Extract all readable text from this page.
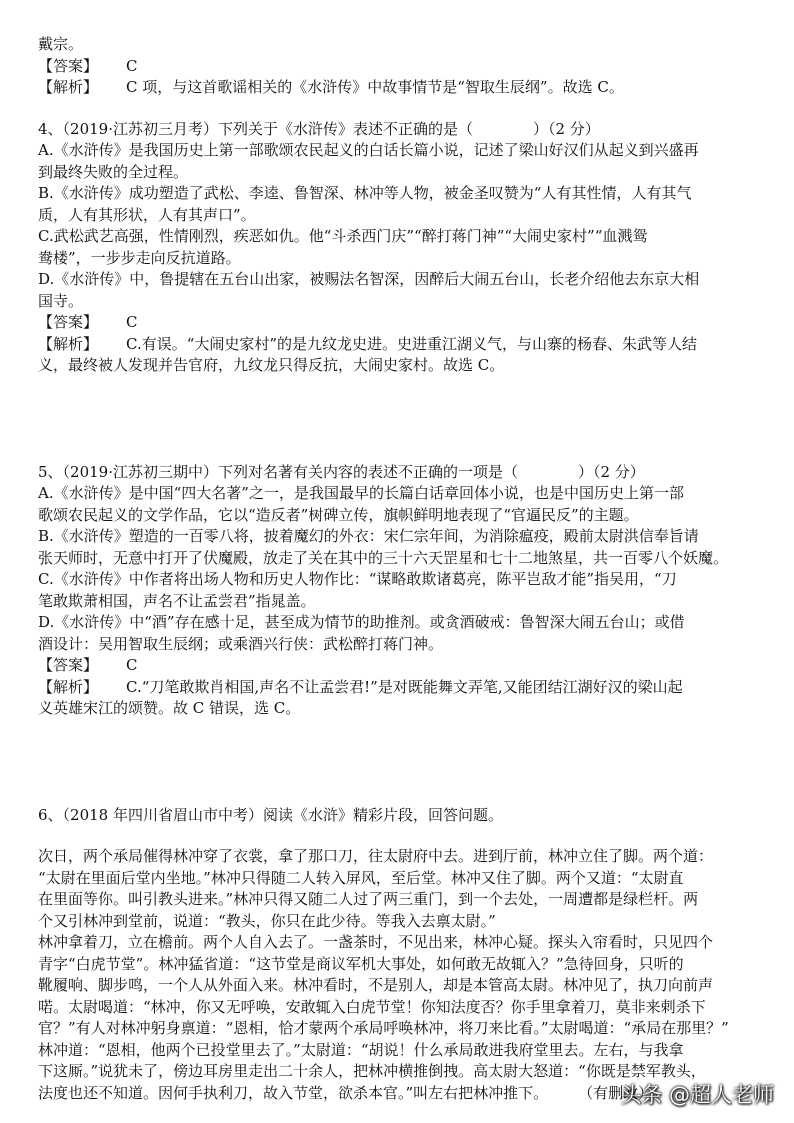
戴宗。

【答案】 C

【解析】 C 项，与这首歌谣相关的《水浒传》中故事情节是“智取生辰纲”。故选 C。

4、（2019·江苏初三月考）下列关于《水浒传》表述不正确的是（　　　　）（2 分）

A.《水浒传》是我国历史上第一部歌颂农民起义的白话长篇小说，记述了梁山好汉们从起义到兴盛再

到最终失败的全过程。

B.《水浒传》成功塑造了武松、李逵、鲁智深、林冲等人物，被金圣叹赞为“人有其性情，人有其气

质，人有其形状，人有其声口”。

C.武松武艺高强，性情刚烈，疾恶如仇。他“斗杀西门庆”“醉打蒋门神”“大闹史家村”“血溅鸳

鸯楼”，一步步走向反抗道路。

D.《水浒传》中，鲁提辖在五台山出家，被赐法名智深，因醉后大闹五台山，长老介绍他去东京大相

国寺。

【答案】 C

【解析】 C.有误。“大闹史家村”的是九纹龙史进。史进重江湖义气，与山寨的杨春、朱武等人结

义，最终被人发现并告官府，九纹龙只得反抗，大闹史家村。故选 C。

5、（2019·江苏初三期中）下列对名著有关内容的表述不正确的一项是（　　　　）（2 分）

A.《水浒传》是中国“四大名著”之一，是我国最早的长篇白话章回体小说，也是中国历史上第一部

歌颂农民起义的文学作品，它以“造反者”树碑立传，旗帜鲜明地表现了“官逼民反”的主题。

B.《水浒传》塑造的一百零八将，披着魔幻的外衣：宋仁宗年间，为消除瘟疫，殿前太尉洪信奉旨请

张天师时，无意中打开了伏魔殿，放走了关在其中的三十六天罡星和七十二地煞星，共一百零八个妖魔。

C.《水浒传》中作者将出场人物和历史人物作比：“谋略敢欺诸葛亮，陈平岂敌才能”指吴用，“刀

笔敢欺萧相国，声名不让孟尝君”指晁盖。

D.《水浒传》中“酒”存在感十足，甚至成为情节的助推剂。或贪酒破戒：鲁智深大闹五台山；或借

酒设计：吴用智取生辰纲；或乘酒兴行侠：武松醉打蒋门神。

【答案】 C

【解析】 C.“刀笔敢欺肖相国,声名不让孟尝君!”是对既能舞文弄笔,又能团结江湖好汉的梁山起

义英雄宋江的颂赞。故 C 错误，选 C。

6、（2018 年四川省眉山市中考）阅读《水浒》精彩片段，回答问题。

次日，两个承局催得林冲穿了衣裳，拿了那口刀，往太尉府中去。进到厅前，林冲立住了脚。两个道：

“太尉在里面后堂内坐地。”林冲只得随二人转入屏风，至后堂。林冲又住了脚。两个又道：“太尉直

在里面等你。叫引教头进来。”林冲只得又随二人过了两三重门，到一个去处，一周遭都是绿栏杆。两

个又引林冲到堂前，说道：“教头，你只在此少待。等我入去禀太尉。”

林冲拿着刀，立在檐前。两个人自入去了。一盏茶时，不见出来，林冲心疑。探头入帘看时，只见四个

青字“白虎节堂”。林冲猛省道：“这节堂是商议军机大事处，如何敢无故辄入？”急待回身，只听的

靴履响、脚步鸣，一个人从外面入来。林冲看时，不是别人，却是本管高太尉。林冲见了，执刀向前声

喏。太尉喝道：“林冲，你又无呼唤，安敢辄入白虎节堂！你知法度否？你手里拿着刀，莫非来剌杀下

官？”有人对林冲躬身禀道：“恩相，恰才蒙两个承局呼唤林冲，将刀来比看。”太尉喝道：“承局在那里？”

林冲道：“恩相，他两个已投堂里去了。”太尉道：“胡说！什么承局敢进我府堂里去。左右，与我拿

下这厮。”说犹未了，傍边耳房里走出二十余人，把林冲横推倒拽。高太尉大怒道：“你既是禁军教头，

法度也还不知道。因何手执利刀，故入节堂，欲杀本官。”叫左右把林冲推下。　　　（有删改）

头条 @超人老师
